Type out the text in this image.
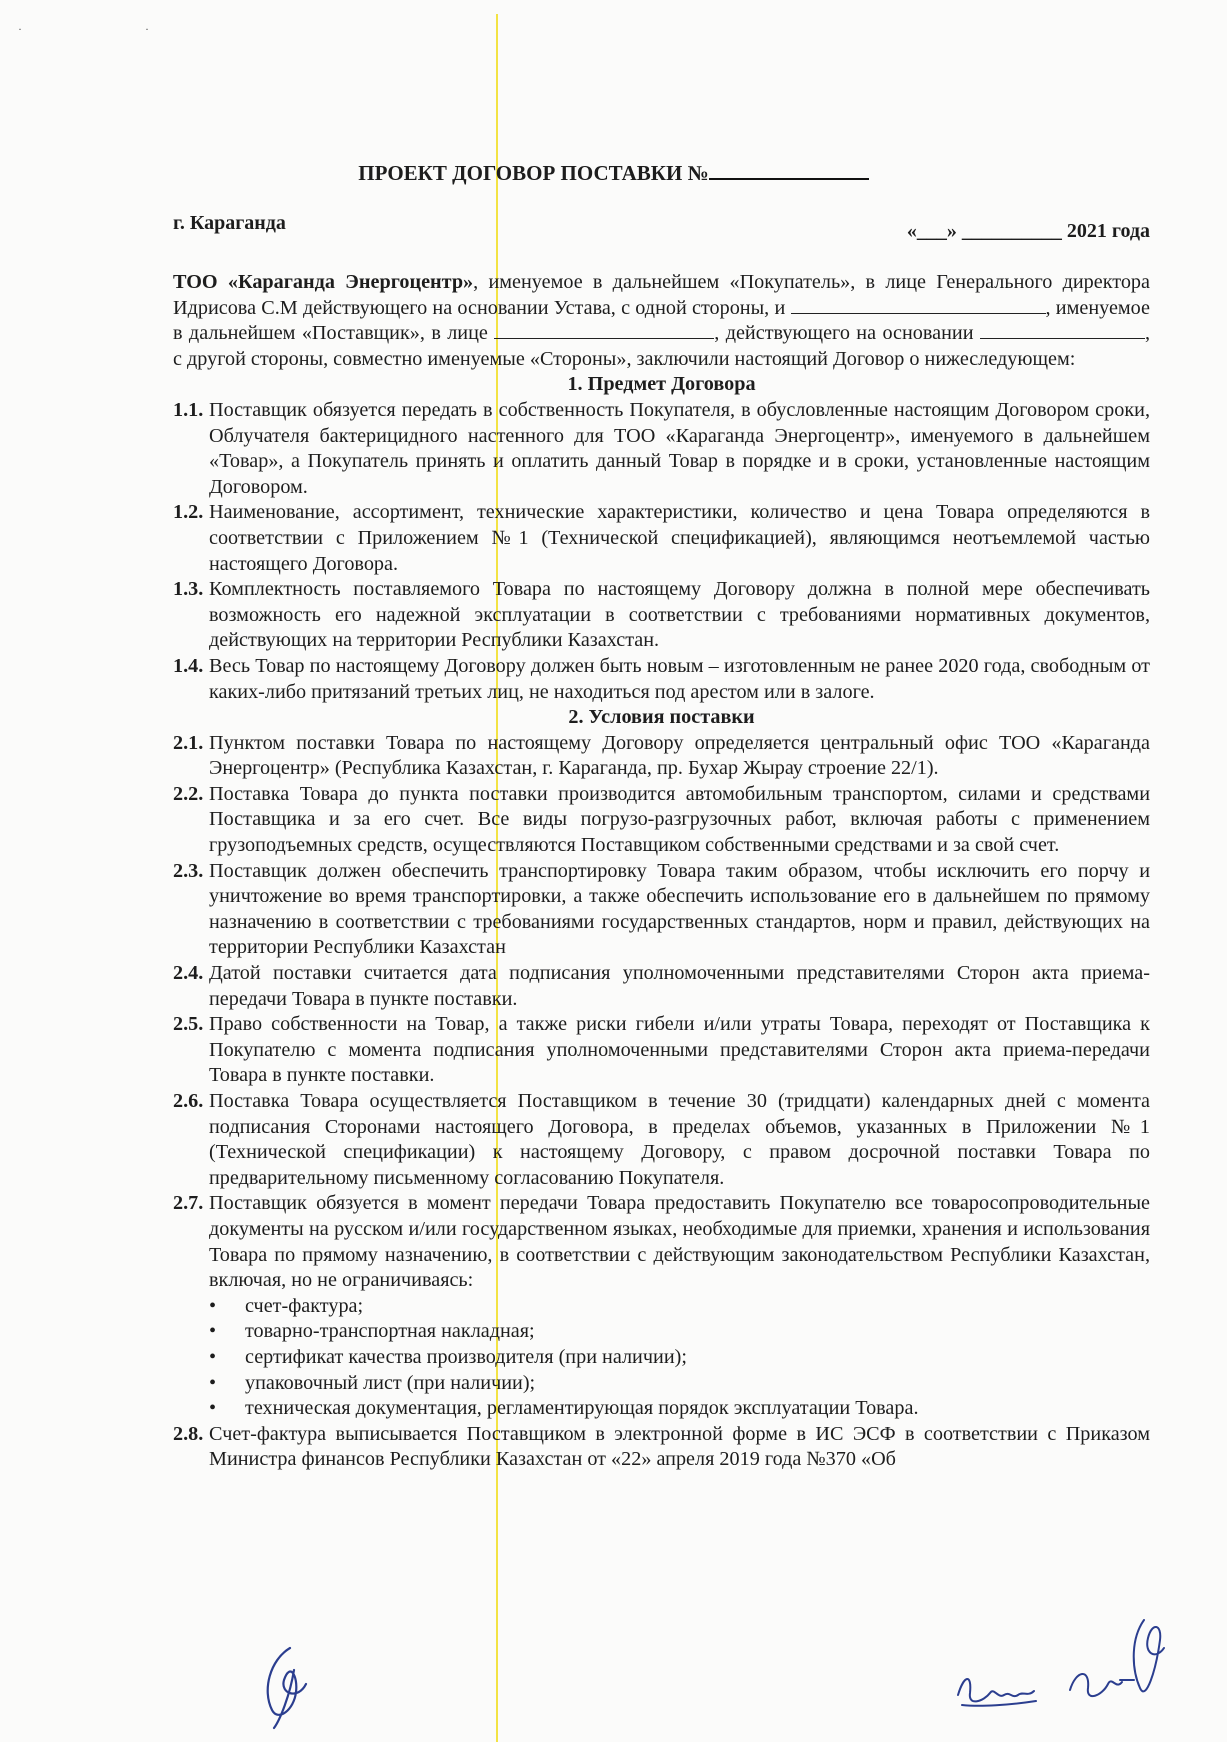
· ·
ПРОЕКТ ДОГОВОР ПОСТАВКИ №
г. Караганда	«___» __________ 2021 года

ТОО «Караганда Энергоцентр», именуемое в дальнейшем «Покупатель», в лице Генерального директора Идрисова С.М действующего на основании Устава, с одной стороны, и	, именуемое в дальнейшем «Поставщик», в лице	, действующего на основании	, с другой стороны, совместно именуемые «Стороны», заключили настоящий Договор о нижеследующем:

1. Предмет Договора

1.1. Поставщик обязуется передать в собственность Покупателя, в обусловленные настоящим Договором сроки, Облучателя бактерицидного настенного для ТОО «Караганда Энергоцентр», именуемого в дальнейшем «Товар», а Покупатель принять и оплатить данный Товар в порядке и в сроки, установленные настоящим Договором.
1.2. Наименование, ассортимент, технические характеристики, количество и цена Товара определяются в соответствии с Приложением №1 (Технической спецификацией), являющимся неотъемлемой частью настоящего Договора.
1.3. Комплектность поставляемого Товара по настоящему Договору должна в полной мере обеспечивать возможность его надежной эксплуатации в соответствии с требованиями нормативных документов, действующих на территории Республики Казахстан.
1.4. Весь Товар по настоящему Договору должен быть новым – изготовленным не ранее 2020 года, свободным от каких-либо притязаний третьих лиц, не находиться под арестом или в залоге.

2. Условия поставки

2.1. Пунктом поставки Товара по настоящему Договору определяется центральный офис ТОО «Караганда Энергоцентр» (Республика Казахстан, г. Караганда, пр. Бухар Жырау строение 22/1).
2.2. Поставка Товара до пункта поставки производится автомобильным транспортом, силами и средствами Поставщика и за его счет. Все виды погрузо-разгрузочных работ, включая работы с применением грузоподъемных средств, осуществляются Поставщиком собственными средствами и за свой счет.
2.3. Поставщик должен обеспечить транспортировку Товара таким образом, чтобы исключить его порчу и уничтожение во время транспортировки, а также обеспечить использование его в дальнейшем по прямому назначению в соответствии с требованиями государственных стандартов, норм и правил, действующих на территории Республики Казахстан
2.4. Датой поставки считается дата подписания уполномоченными представителями Сторон акта приема-передачи Товара в пункте поставки.
2.5. Право собственности на Товар, а также риски гибели и/или утраты Товара, переходят от Поставщика к Покупателю с момента подписания уполномоченными представителями Сторон акта приема-передачи Товара в пункте поставки.
2.6. Поставка Товара осуществляется Поставщиком в течение 30 (тридцати) календарных дней с момента подписания Сторонами настоящего Договора, в пределах объемов, указанных в Приложении №1 (Технической спецификации) к настоящему Договору, с правом досрочной поставки Товара по предварительному письменному согласованию Покупателя.
2.7. Поставщик обязуется в момент передачи Товара предоставить Покупателю все товаросопроводительные документы на русском и/или государственном языках, необходимые для приемки, хранения и использования Товара по прямому назначению, в соответствии с действующим законодательством Республики Казахстан, включая, но не ограничиваясь:
• счет-фактура;
• товарно-транспортная накладная;
• сертификат качества производителя (при наличии);
• упаковочный лист (при наличии);
• техническая документация, регламентирующая порядок эксплуатации Товара.
2.8. Счет-фактура выписывается Поставщиком в электронной форме в ИС ЭСФ в соответствии с Приказом Министра финансов Республики Казахстан от «22» апреля 2019 года №370 «Об
